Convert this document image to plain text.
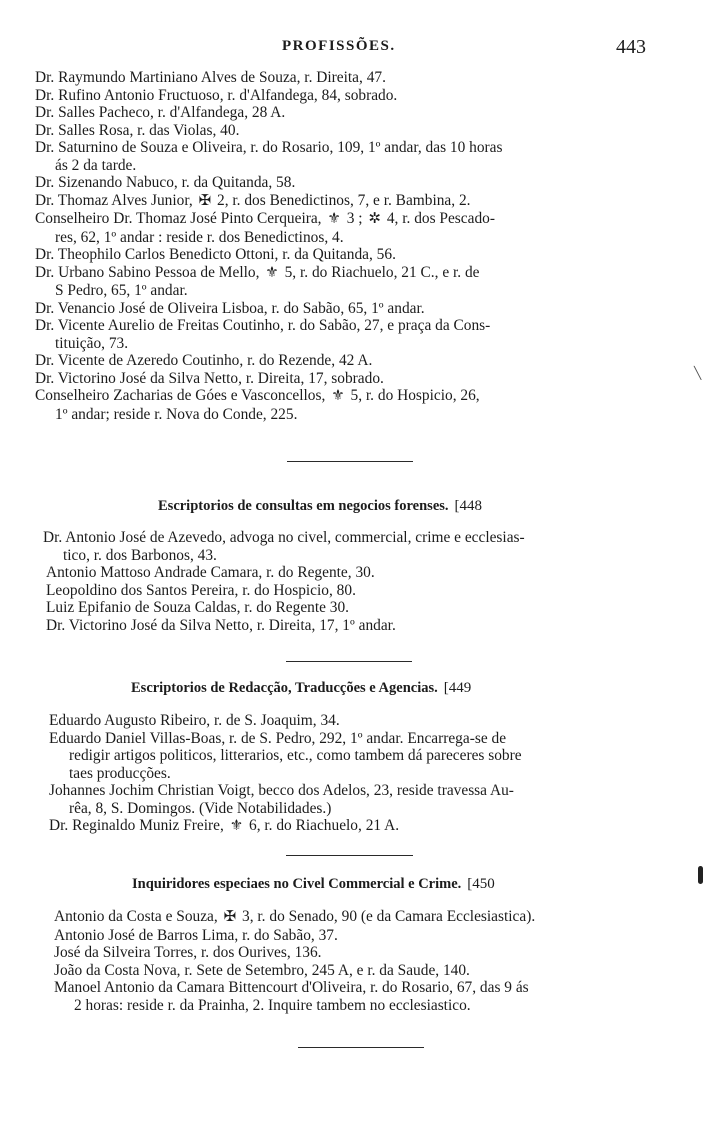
PROFISSÕES.	443
Dr. Raymundo Martiniano Alves de Souza, r. Direita, 47.
Dr. Rufino Antonio Fructuoso, r. d'Alfandega, 84, sobrado.
Dr. Salles Pacheco, r. d'Alfandega, 28 A.
Dr. Salles Rosa, r. das Violas, 40.
Dr. Saturnino de Souza e Oliveira, r. do Rosario, 109, 1º andar, das 10 horas
ás 2 da tarde.
Dr. Sizenando Nabuco, r. da Quitanda, 58.
Dr. Thomaz Alves Junior, ✠ 2, r. dos Benedictinos, 7, e r. Bambina, 2.
Conselheiro Dr. Thomaz José Pinto Cerqueira, ⚜ 3 ; ✲ 4, r. dos Pescado-
res, 62, 1º andar : reside r. dos Benedictinos, 4.
Dr. Theophilo Carlos Benedicto Ottoni, r. da Quitanda, 56.
Dr. Urbano Sabino Pessoa de Mello, ⚜ 5, r. do Riachuelo, 21 C., e r. de
S Pedro, 65, 1º andar.
Dr. Venancio José de Oliveira Lisboa, r. do Sabão, 65, 1º andar.
Dr. Vicente Aurelio de Freitas Coutinho, r. do Sabão, 27, e praça da Cons-
tituição, 73.
Dr. Vicente de Azeredo Coutinho, r. do Rezende, 42 A.
Dr. Victorino José da Silva Netto, r. Direita, 17, sobrado.
Conselheiro Zacharias de Góes e Vasconcellos, ⚜ 5, r. do Hospicio, 26,
1º andar; reside r. Nova do Conde, 225.
Escriptorios de consultas em negocios forenses. [448
Dr. Antonio José de Azevedo, advoga no civel, commercial, crime e ecclesias-
tico, r. dos Barbonos, 43.
Antonio Mattoso Andrade Camara, r. do Regente, 30.
Leopoldino dos Santos Pereira, r. do Hospicio, 80.
Luiz Epifanio de Souza Caldas, r. do Regente 30.
Dr. Victorino José da Silva Netto, r. Direita, 17, 1º andar.
Escriptorios de Redacção, Traducções e Agencias. [449
Eduardo Augusto Ribeiro, r. de S. Joaquim, 34.
Eduardo Daniel Villas-Boas, r. de S. Pedro, 292, 1º andar. Encarrega-se de
redigir artigos politicos, litterarios, etc., como tambem dá pareceres sobre
taes producções.
Johannes Jochim Christian Voigt, becco dos Adelos, 23, reside travessa Au-
rêa, 8, S. Domingos. (Vide Notabilidades.)
Dr. Reginaldo Muniz Freire, ⚜ 6, r. do Riachuelo, 21 A.
Inquiridores especiaes no Civel Commercial e Crime. [450
Antonio da Costa e Souza, ✠ 3, r. do Senado, 90 (e da Camara Ecclesiastica).
Antonio José de Barros Lima, r. do Sabão, 37.
José da Silveira Torres, r. dos Ourives, 136.
João da Costa Nova, r. Sete de Setembro, 245 A, e r. da Saude, 140.
Manoel Antonio da Camara Bittencourt d'Oliveira, r. do Rosario, 67, das 9 ás
2 horas: reside r. da Prainha, 2. Inquire tambem no ecclesiastico.
╲
